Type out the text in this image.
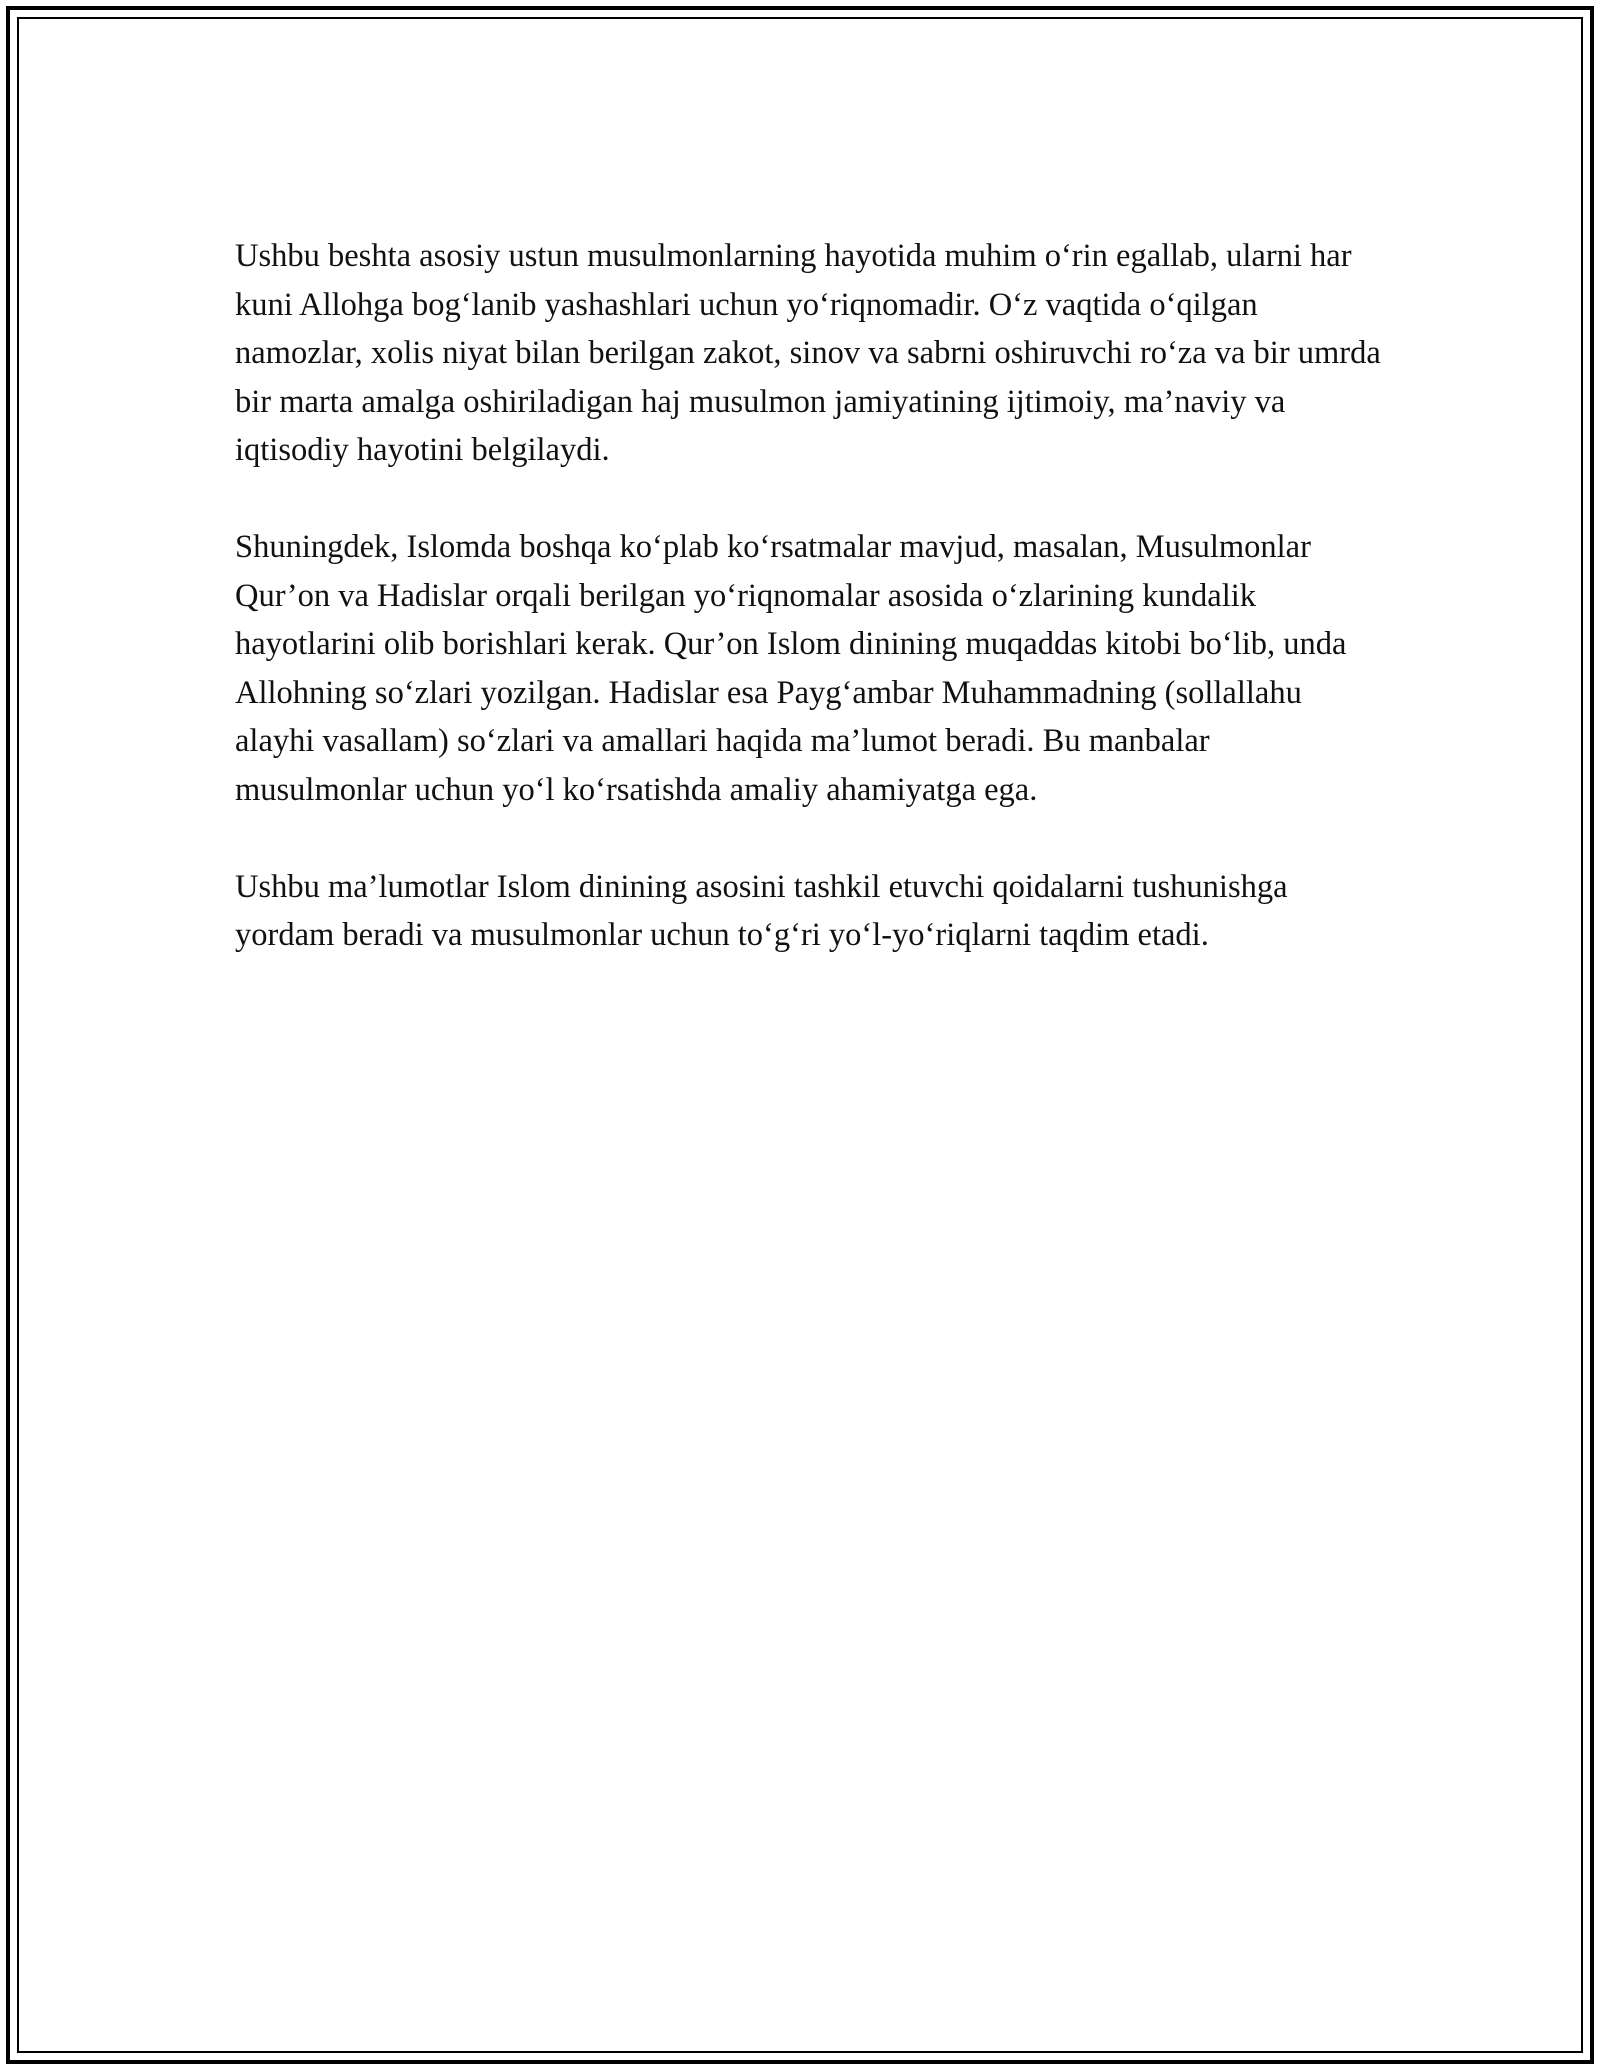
Ushbu beshta asosiy ustun musulmonlarning hayotida muhim o‘rin egallab, ularni har kuni Allohga bog‘lanib yashashlari uchun yo‘riqnomadir. O‘z vaqtida o‘qilgan namozlar, xolis niyat bilan berilgan zakot, sinov va sabrni oshiruvchi ro‘za va bir umrda bir marta amalga oshiriladigan haj musulmon jamiyatining ijtimoiy, ma’naviy va iqtisodiy hayotini belgilaydi.

Shuningdek, Islomda boshqa ko‘plab ko‘rsatmalar mavjud, masalan, Musulmonlar Qur’on va Hadislar orqali berilgan yo‘riqnomalar asosida o‘zlarining kundalik hayotlarini olib borishlari kerak. Qur’on Islom dinining muqaddas kitobi bo‘lib, unda Allohning so‘zlari yozilgan. Hadislar esa Payg‘ambar Muhammadning (sollallahu alayhi vasallam) so‘zlari va amallari haqida ma’lumot beradi. Bu manbalar musulmonlar uchun yo‘l ko‘rsatishda amaliy ahamiyatga ega.

Ushbu ma’lumotlar Islom dinining asosini tashkil etuvchi qoidalarni tushunishga yordam beradi va musulmonlar uchun to‘g‘ri yo‘l-yo‘riqlarni taqdim etadi.
